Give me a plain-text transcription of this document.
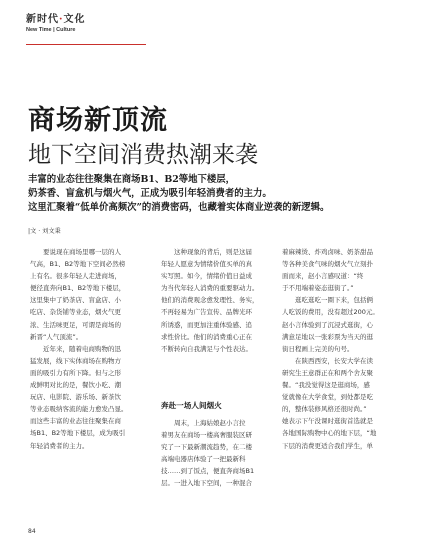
新时代·文化
New Time | Culture
商场新顶流
地下空间消费热潮来袭

丰富的业态往往聚集在商场B1、B2等地下楼层，

奶茶香、盲盒机与烟火气，正成为吸引年轻消费者的主力。

这里汇聚着“低单价高频次”的消费密码，也藏着实体商业逆袭的新逻辑。

|文 · 刘文秉

要说现在商场里哪一层的人

气高，B1、B2等地下空间必然榜

上有名。很多年轻人走进商场，

便径直奔向B1、B2等地下楼层，

这里集中了奶茶店、盲盒店、小

吃店、杂货铺等业态，烟火气更

浓、生活味更足，可谓是商场的

新晋“人气顶流”。

近年来，随着电商购物的迅

猛发展，线下实体商场在购物方

面的吸引力有所下降。但与之形

成鲜明对比的是，餐饮小吃、潮

玩店、电影院、游乐场、新茶饮

等业态吸纳客流的能力愈发凸显。

而这些丰富的业态往往聚集在商

场B1、B2等地下楼层，成为吸引

年轻消费者的主力。

这种现象的背后，则是这届

年轻人愿意为情绪价值买单的真

实写照。如今，情绪价值日益成

为当代年轻人消费的重要驱动力。

他们的消费观念愈发理性、务实，

不再轻易为广告宣传、品牌光环

所诱惑，而更加注重体验感、追

求性价比。他们的消费重心正在

不断转向自我满足与个性表达。

着麻辣烫、炸鸡卤味、奶茶甜品

等各种美食气味的烟火气立刻扑

面而来，赵小言感叹道：“终

于不用端着姿态逛街了。”

逛吃逛吃一圈下来，包括俩

人吃饭的费用，没有超过200元。

赵小言体验到了沉浸式逛街，心

满意足地以一张彩票为当天的逛

街日程画上完美的句号。

在陕西西安，长安大学在读

研究生王意群正在和两个舍友聚

餐。“我没觉得这是逛商场，感

觉就像在大学食堂，到处都是吃

的，整体装修风格还很时尚。”

她表示下午没课时逛街首选就是

各地国际购物中心的地下层，“地

下层的消费更适合我们学生，单

奔赴一场人间烟火

周末，上海姑娘赵小言拉

着男友在商场一楼高奢服装区研

究了一下最新潮流趋势，在二楼

高端电器店体验了一把最新科

技……到了饭点，便直奔商场B1

层。一进入地下空间，一种混合

84
